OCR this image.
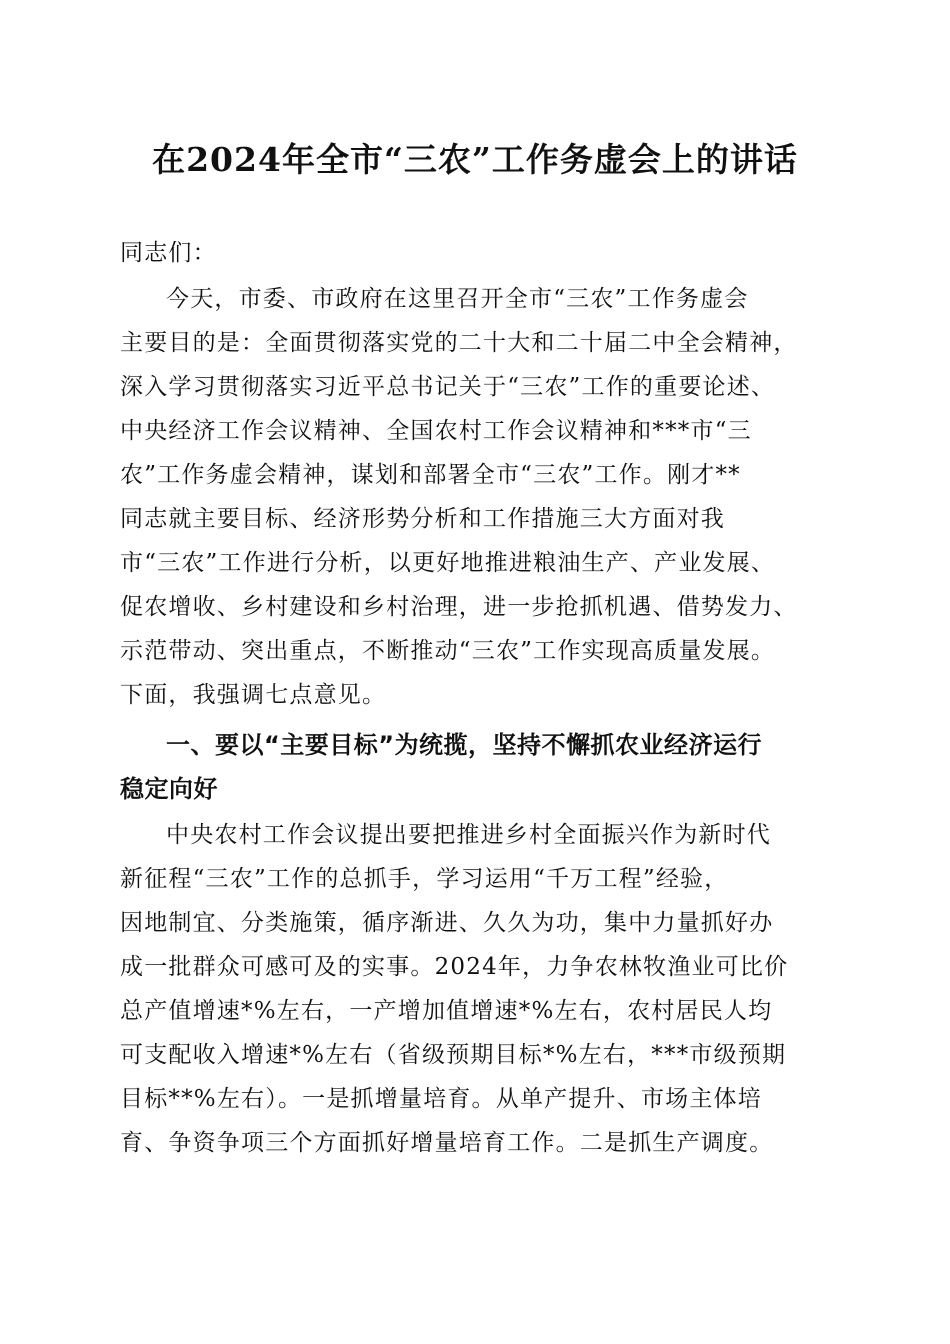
在2024年全市“三农”工作务虚会上的讲话
同志们：
今天，市委、市政府在这里召开全市“三农”工作务虚会
主要目的是：全面贯彻落实党的二十大和二十届二中全会精神，
深入学习贯彻落实习近平总书记关于“三农”工作的重要论述、
中央经济工作会议精神、全国农村工作会议精神和***市“三
农”工作务虚会精神，谋划和部署全市“三农”工作。刚才**
同志就主要目标、经济形势分析和工作措施三大方面对我
市“三农”工作进行分析，以更好地推进粮油生产、产业发展、
促农增收、乡村建设和乡村治理，进一步抢抓机遇、借势发力、
示范带动、突出重点，不断推动“三农”工作实现高质量发展。
下面，我强调七点意见。
一、要以“主要目标”为统揽，坚持不懈抓农业经济运行
稳定向好
中央农村工作会议提出要把推进乡村全面振兴作为新时代
新征程“三农”工作的总抓手，学习运用“千万工程”经验，
因地制宜、分类施策，循序渐进、久久为功，集中力量抓好办
成一批群众可感可及的实事。2024年，力争农林牧渔业可比价
总产值增速*%左右，一产增加值增速*%左右，农村居民人均
可支配收入增速*%左右（省级预期目标*%左右，***市级预期
目标**%左右）。一是抓增量培育。从单产提升、市场主体培
育、争资争项三个方面抓好增量培育工作。二是抓生产调度。
